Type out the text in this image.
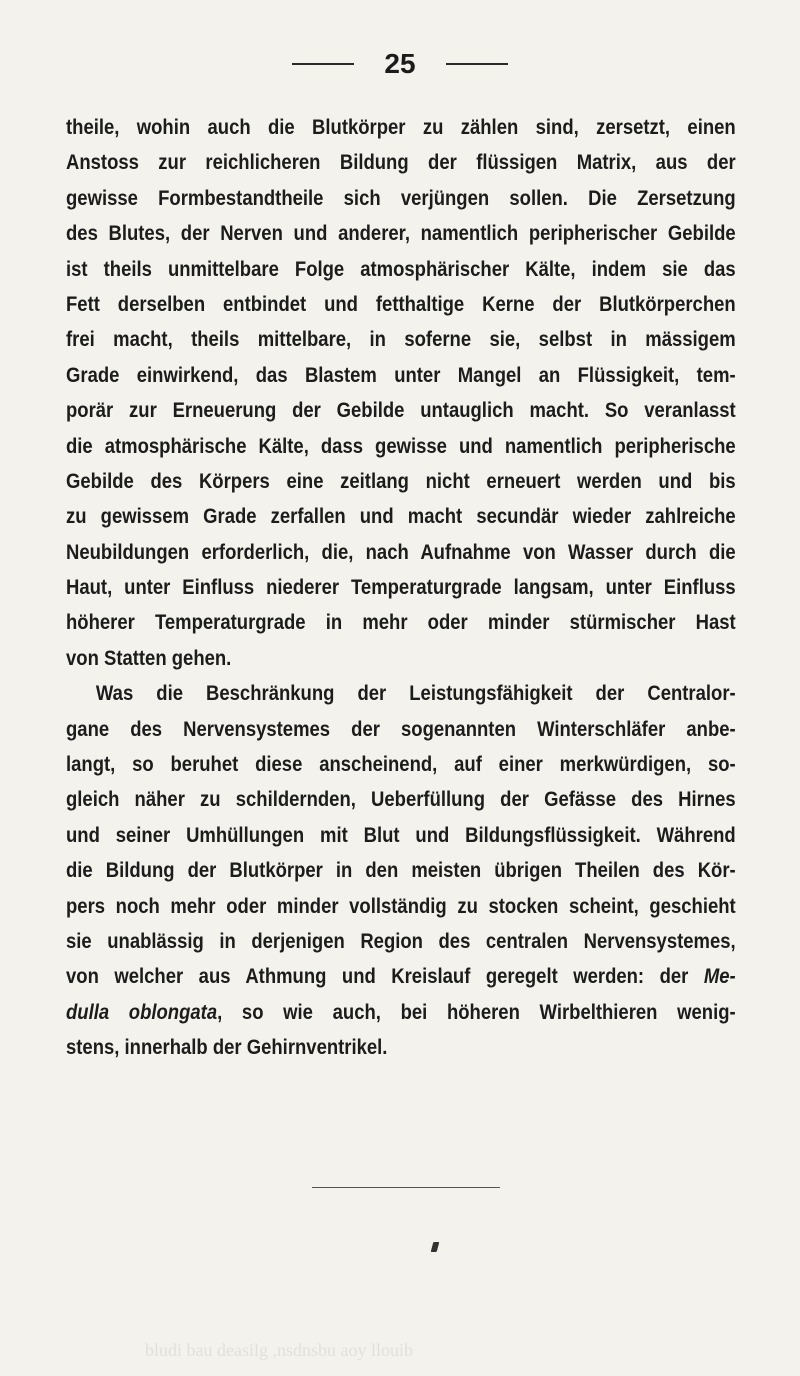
25
theile, wohin auch die Blutkörper zu zählen sind, zersetzt, einen
Anstoss zur reichlicheren Bildung der flüssigen Matrix, aus der
gewisse Formbestandtheile sich verjüngen sollen. Die Zersetzung
des Blutes, der Nerven und anderer, namentlich peripherischer Gebilde
ist theils unmittelbare Folge atmosphärischer Kälte, indem sie das
Fett derselben entbindet und fetthaltige Kerne der Blutkörperchen
frei macht, theils mittelbare, in soferne sie, selbst in mässigem
Grade einwirkend, das Blastem unter Mangel an Flüssigkeit, tem-
porär zur Erneuerung der Gebilde untauglich macht. So veranlasst
die atmosphärische Kälte, dass gewisse und namentlich peripherische
Gebilde des Körpers eine zeitlang nicht erneuert werden und bis
zu gewissem Grade zerfallen und macht secundär wieder zahlreiche
Neubildungen erforderlich, die, nach Aufnahme von Wasser durch die
Haut, unter Einfluss niederer Temperaturgrade langsam, unter Einfluss
höherer Temperaturgrade in mehr oder minder stürmischer Hast
von Statten gehen.
Was die Beschränkung der Leistungsfähigkeit der Centralor-
gane des Nervensystemes der sogenannten Winterschläfer anbe-
langt, so beruhet diese anscheinend, auf einer merkwürdigen, so-
gleich näher zu schildernden, Ueberfüllung der Gefässe des Hirnes
und seiner Umhüllungen mit Blut und Bildungsflüssigkeit. Während
die Bildung der Blutkörper in den meisten übrigen Theilen des Kör-
pers noch mehr oder minder vollständig zu stocken scheint, geschieht
sie unablässig in derjenigen Region des centralen Nervensystemes,
von welcher aus Athmung und Kreislauf geregelt werden: der Me-
dulla oblongata, so wie auch, bei höheren Wirbelthieren wenig-
stens, innerhalb der Gehirnventrikel.
bludi bau deasilg ,nsdnsbu aoy llouib
